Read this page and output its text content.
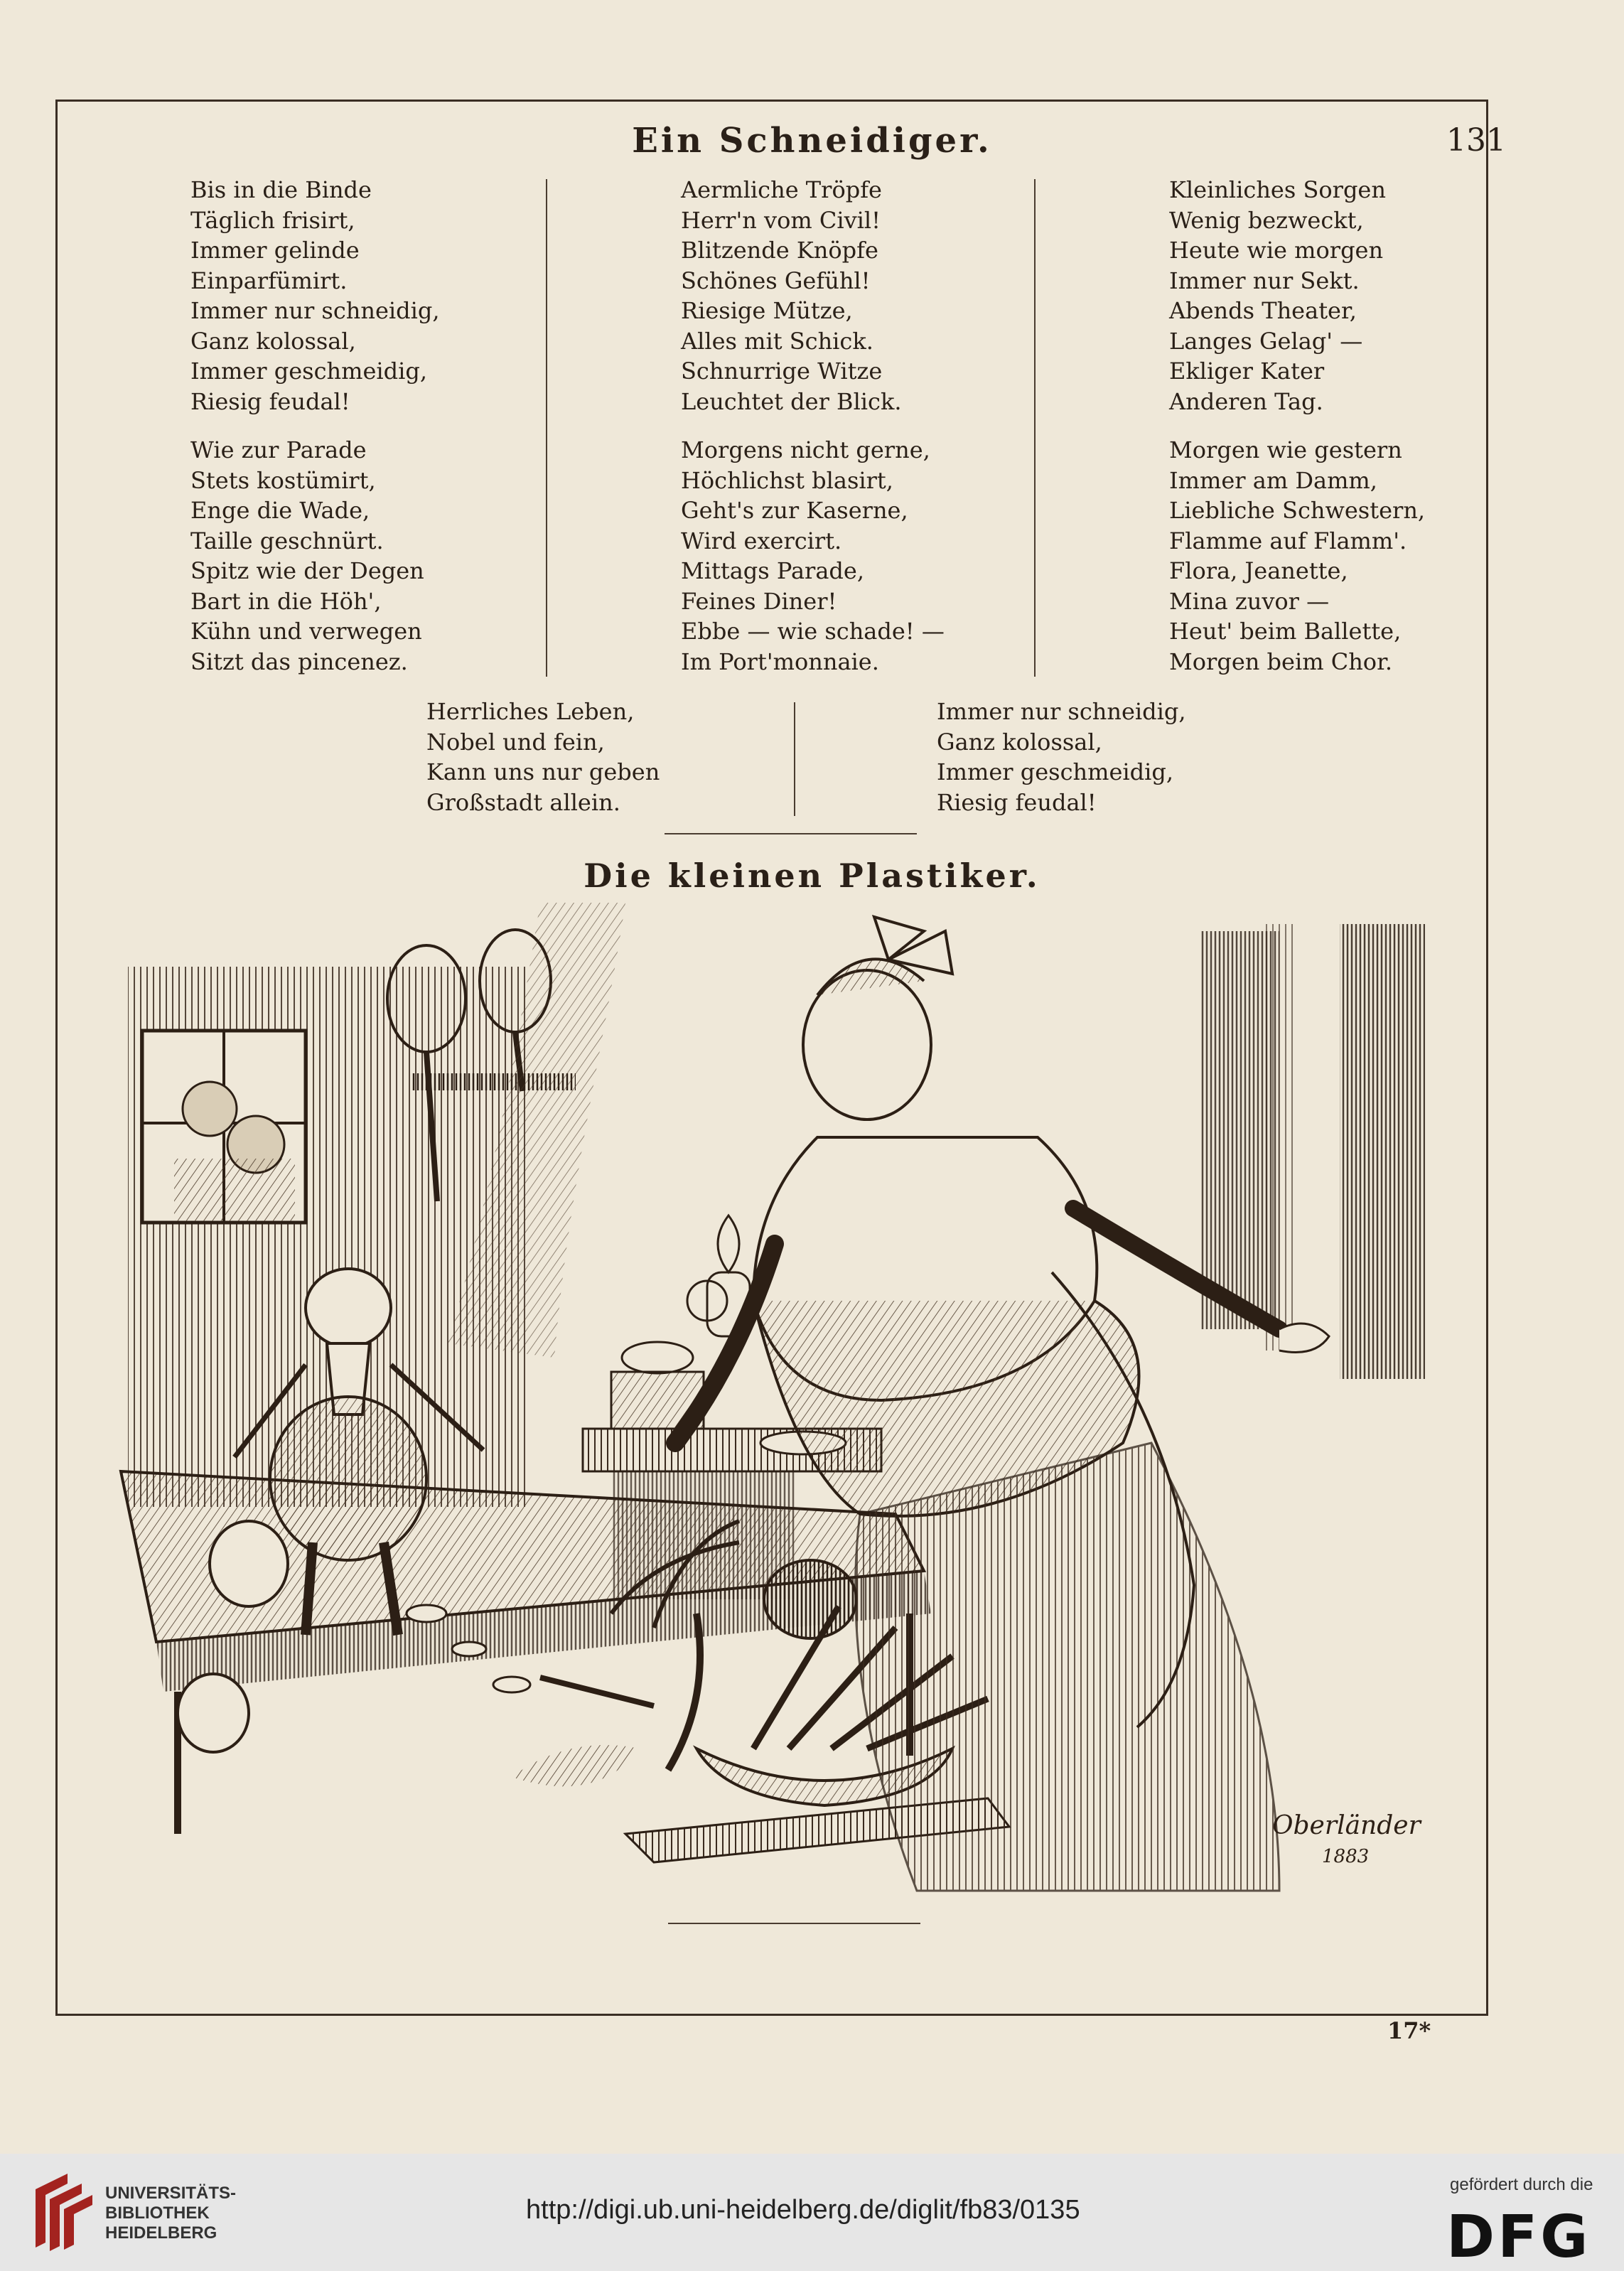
Ein Schneidiger.	131
Bis in die Binde
Täglich frisirt,
Immer gelinde
Einparfümirt.
Immer nur schneidig,
Ganz kolossal,
Immer geschmeidig,
Riesig feudal!
Wie zur Parade
Stets kostümirt,
Enge die Wade,
Taille geschnürt.
Spitz wie der Degen
Bart in die Höh',
Kühn und verwegen
Sitzt das pincenez.
Aermliche Tröpfe
Herr'n vom Civil!
Blitzende Knöpfe
Schönes Gefühl!
Riesige Mütze,
Alles mit Schick.
Schnurrige Witze
Leuchtet der Blick.
Morgens nicht gerne,
Höchlichst blasirt,
Geht's zur Kaserne,
Wird exercirt.
Mittags Parade,
Feines Diner!
Ebbe — wie schade! —
Im Port'monnaie.
Kleinliches Sorgen
Wenig bezweckt,
Heute wie morgen
Immer nur Sekt.
Abends Theater,
Langes Gelag' —
Ekliger Kater
Anderen Tag.
Morgen wie gestern
Immer am Damm,
Liebliche Schwestern,
Flamme auf Flamm'.
Flora, Jeanette,
Mina zuvor —
Heut' beim Ballette,
Morgen beim Chor.
Herrliches Leben,
Nobel und fein,
Kann uns nur geben
Großstadt allein.
Immer nur schneidig,
Ganz kolossal,
Immer geschmeidig,
Riesig feudal!
Die kleinen Plastiker.
Oberländer
1883
17*
UNIVERSITÄTS-
BIBLIOTHEK
HEIDELBERG
http://digi.ub.uni-heidelberg.de/diglit/fb83/0135
gefördert durch die
DFG
